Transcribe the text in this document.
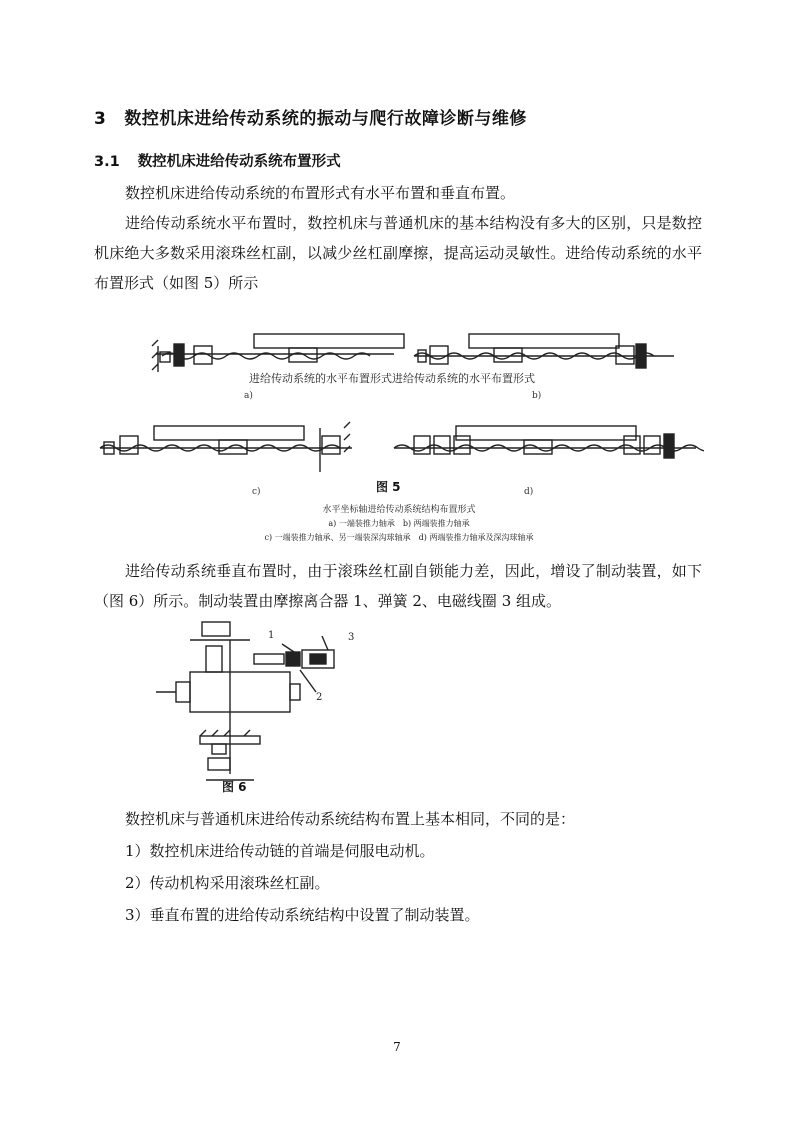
3 数控机床进给传动系统的振动与爬行故障诊断与维修
3.1 数控机床进给传动系统布置形式

数控机床进给传动系统的布置形式有水平布置和垂直布置。

进给传动系统水平布置时，数控机床与普通机床的基本结构没有多大的区别，只是数控机床绝大多数采用滚珠丝杠副，以减少丝杠副摩擦，提高运动灵敏性。进给传动系统的水平布置形式（如图 5）所示

进给传动系统的水平布置形式进给传动系统的水平布置形式
a)	b)
c)	d)
水平坐标轴进给传动系统结构布置形式
a) 一端装推力轴承　b) 两端装推力轴承
c) 一端装推力轴承、另一端装深沟球轴承　d) 两端装推力轴承及深沟球轴承
图 5

进给传动系统垂直布置时，由于滚珠丝杠副自锁能力差，因此，增设了制动装置，如下（图 6）所示。制动装置由摩擦离合器 1、弹簧 2、电磁线圈 3 组成。

1
2
3
图 6

数控机床与普通机床进给传动系统结构布置上基本相同，不同的是：

1）数控机床进给传动链的首端是伺服电动机。

2）传动机构采用滚珠丝杠副。

3）垂直布置的进给传动系统结构中设置了制动装置。

7
